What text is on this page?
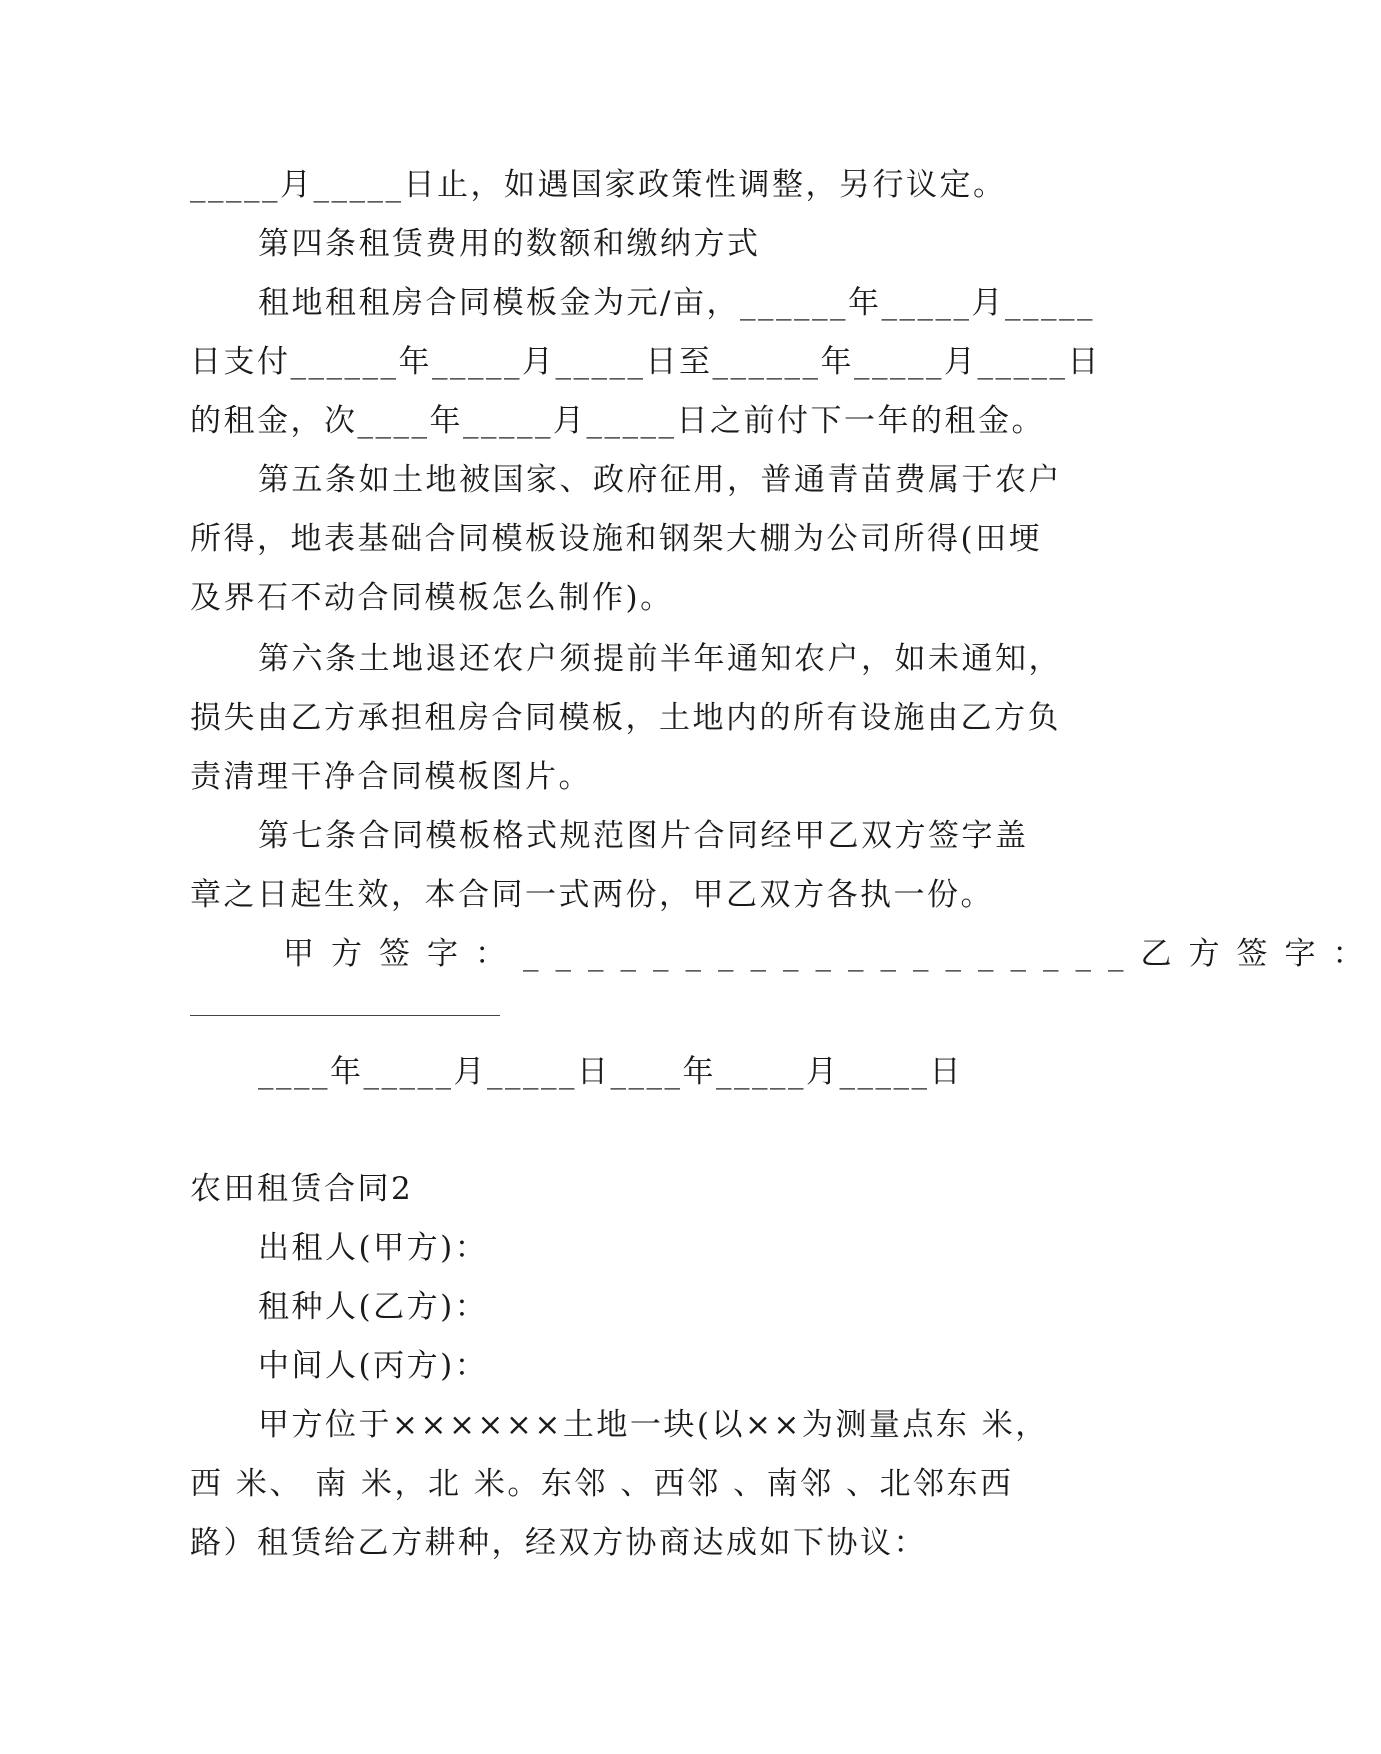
_____月_____日止，如遇国家政策性调整，另行议定。
第四条租赁费用的数额和缴纳方式
租地租租房合同模板金为元/亩，______年_____月_____
日支付______年_____月_____日至______年_____月_____日
的租金，次____年_____月_____日之前付下一年的租金。
第五条如土地被国家、政府征用，普通青苗费属于农户
所得，地表基础合同模板设施和钢架大棚为公司所得(田埂
及界石不动合同模板怎么制作)。
第六条土地退还农户须提前半年通知农户，如未通知，
损失由乙方承担租房合同模板，土地内的所有设施由乙方负
责清理干净合同模板图片。
第七条合同模板格式规范图片合同经甲乙双方签字盖
章之日起生效，本合同一式两份，甲乙双方各执一份。
甲方签字：___________________乙方签字：
____年_____月_____日____年_____月_____日
农田租赁合同2
出租人(甲方)：
租种人(乙方)：
中间人(丙方)：
甲方位于××××××土地一块(以××为测量点东 米，
西 米、 南 米，北 米。东邻 、西邻 、南邻 、北邻东西
路）租赁给乙方耕种，经双方协商达成如下协议：
